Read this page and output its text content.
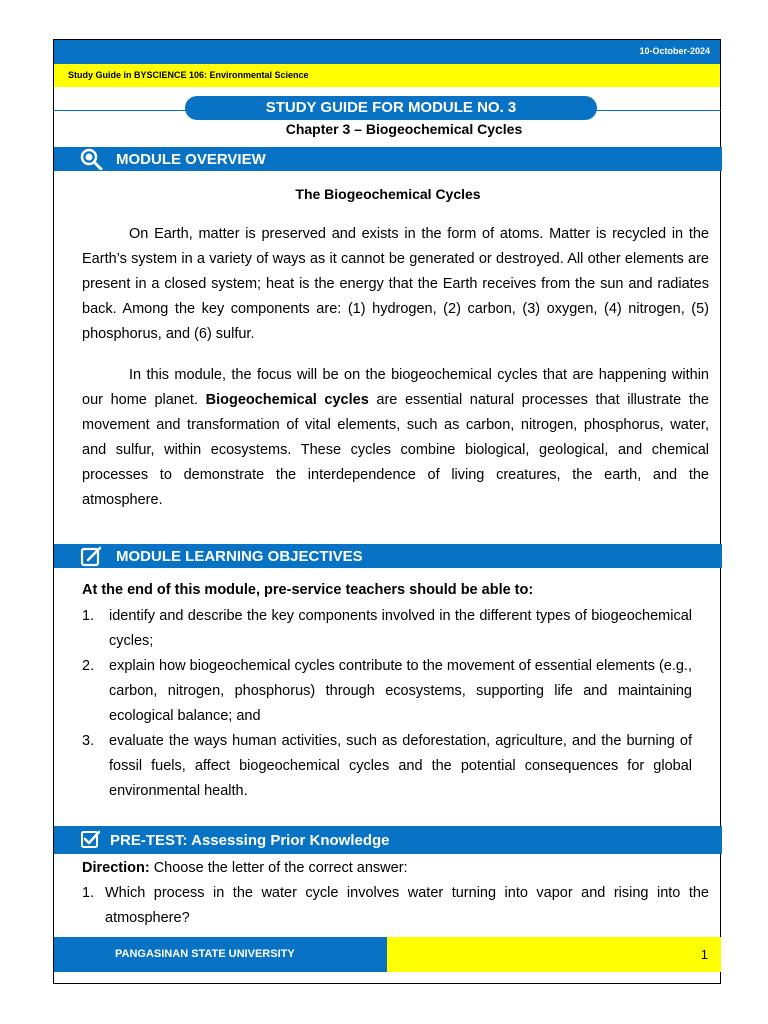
10-October-2024
Study Guide in BYSCIENCE 106: Environmental Science
STUDY GUIDE FOR MODULE NO. 3
Chapter 3 – Biogeochemical Cycles
MODULE OVERVIEW
The Biogeochemical Cycles

On Earth, matter is preserved and exists in the form of atoms. Matter is recycled in the Earth’s system in a variety of ways as it cannot be generated or destroyed. All other elements are present in a closed system; heat is the energy that the Earth receives from the sun and radiates back. Among the key components are: (1) hydrogen, (2) carbon, (3) oxygen, (4) nitrogen, (5) phosphorus, and (6) sulfur.

In this module, the focus will be on the biogeochemical cycles that are happening within our home planet. Biogeochemical cycles are essential natural processes that illustrate the movement and transformation of vital elements, such as carbon, nitrogen, phosphorus, water, and sulfur, within ecosystems. These cycles combine biological, geological, and chemical processes to demonstrate the interdependence of living creatures, the earth, and the atmosphere.

MODULE LEARNING OBJECTIVES
At the end of this module, pre-service teachers should be able to:
1. identify and describe the key components involved in the different types of biogeochemical cycles;
2. explain how biogeochemical cycles contribute to the movement of essential elements (e.g., carbon, nitrogen, phosphorus) through ecosystems, supporting life and maintaining ecological balance; and
3. evaluate the ways human activities, such as deforestation, agriculture, and the burning of fossil fuels, affect biogeochemical cycles and the potential consequences for global environmental health.
PRE-TEST: Assessing Prior Knowledge
Direction: Choose the letter of the correct answer:
1. Which process in the water cycle involves water turning into vapor and rising into the atmosphere?
PANGASINAN STATE UNIVERSITY	1
